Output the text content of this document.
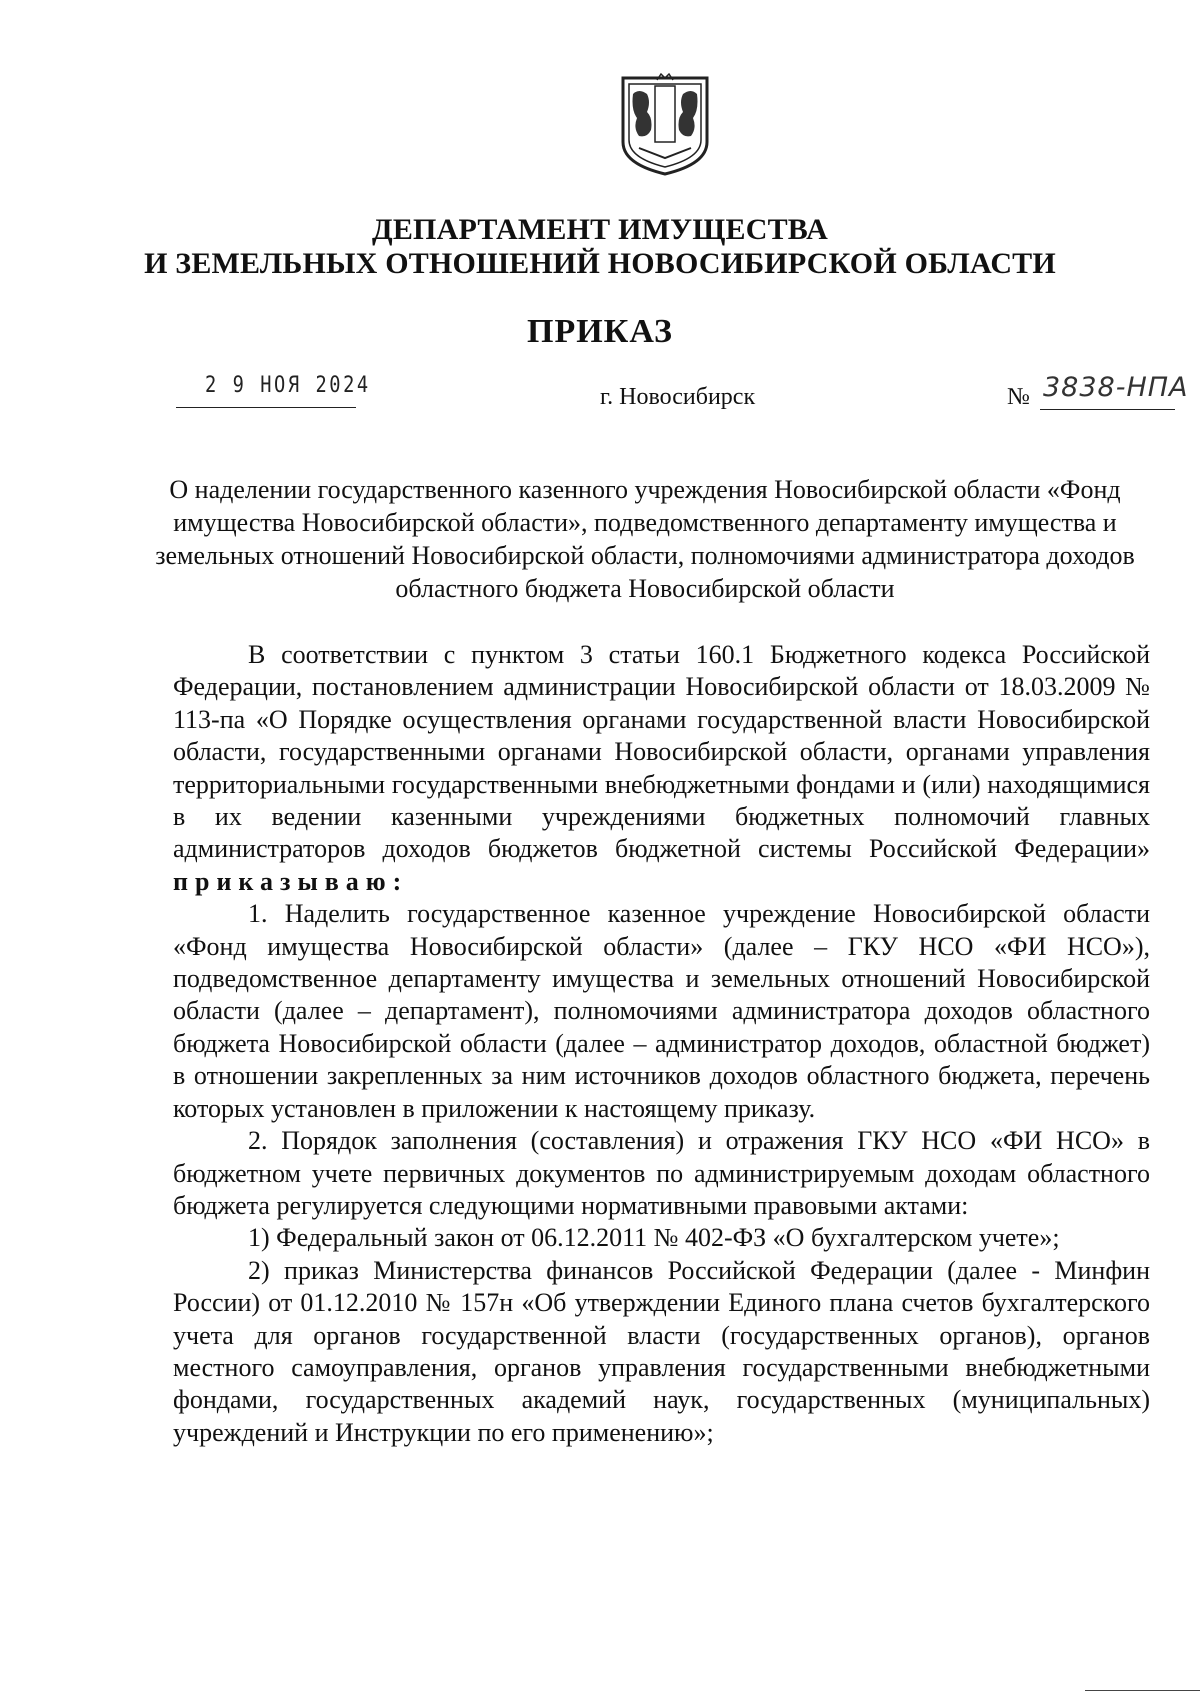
ДЕПАРТАМЕНТ ИМУЩЕСТВА
И ЗЕМЕЛЬНЫХ ОТНОШЕНИЙ НОВОСИБИРСКОЙ ОБЛАСТИ
ПРИКАЗ
2 9 НОЯ 2024	г. Новосибирск	№ 3838-НПА
О наделении государственного казенного учреждения Новосибирской области «Фонд имущества Новосибирской области», подведомственного департаменту имущества и земельных отношений Новосибирской области, полномочиями администратора доходов областного бюджета Новосибирской области

В соответствии с пунктом 3 статьи 160.1 Бюджетного кодекса Российской Федерации, постановлением администрации Новосибирской области от 18.03.2009 № 113-па «О Порядке осуществления органами государственной власти Новосибирской области, государственными органами Новосибирской области, органами управления территориальными государственными внебюджетными фондами и (или) находящимися в их ведении казенными учреждениями бюджетных полномочий главных администраторов доходов бюджетов бюджетной системы Российской Федерации» приказываю:

1. Наделить государственное казенное учреждение Новосибирской области «Фонд имущества Новосибирской области» (далее – ГКУ НСО «ФИ НСО»), подведомственное департаменту имущества и земельных отношений Новосибирской области (далее – департамент), полномочиями администратора доходов областного бюджета Новосибирской области (далее – администратор доходов, областной бюджет) в отношении закрепленных за ним источников доходов областного бюджета, перечень которых установлен в приложении к настоящему приказу.

2. Порядок заполнения (составления) и отражения ГКУ НСО «ФИ НСО» в бюджетном учете первичных документов по администрируемым доходам областного бюджета регулируется следующими нормативными правовыми актами:

1) Федеральный закон от 06.12.2011 № 402-ФЗ «О бухгалтерском учете»;

2) приказ Министерства финансов Российской Федерации (далее - Минфин России) от 01.12.2010 № 157н «Об утверждении Единого плана счетов бухгалтерского учета для органов государственной власти (государственных органов), органов местного самоуправления, органов управления государственными внебюджетными фондами, государственных академий наук, государственных (муниципальных) учреждений и Инструкции по его применению»;
